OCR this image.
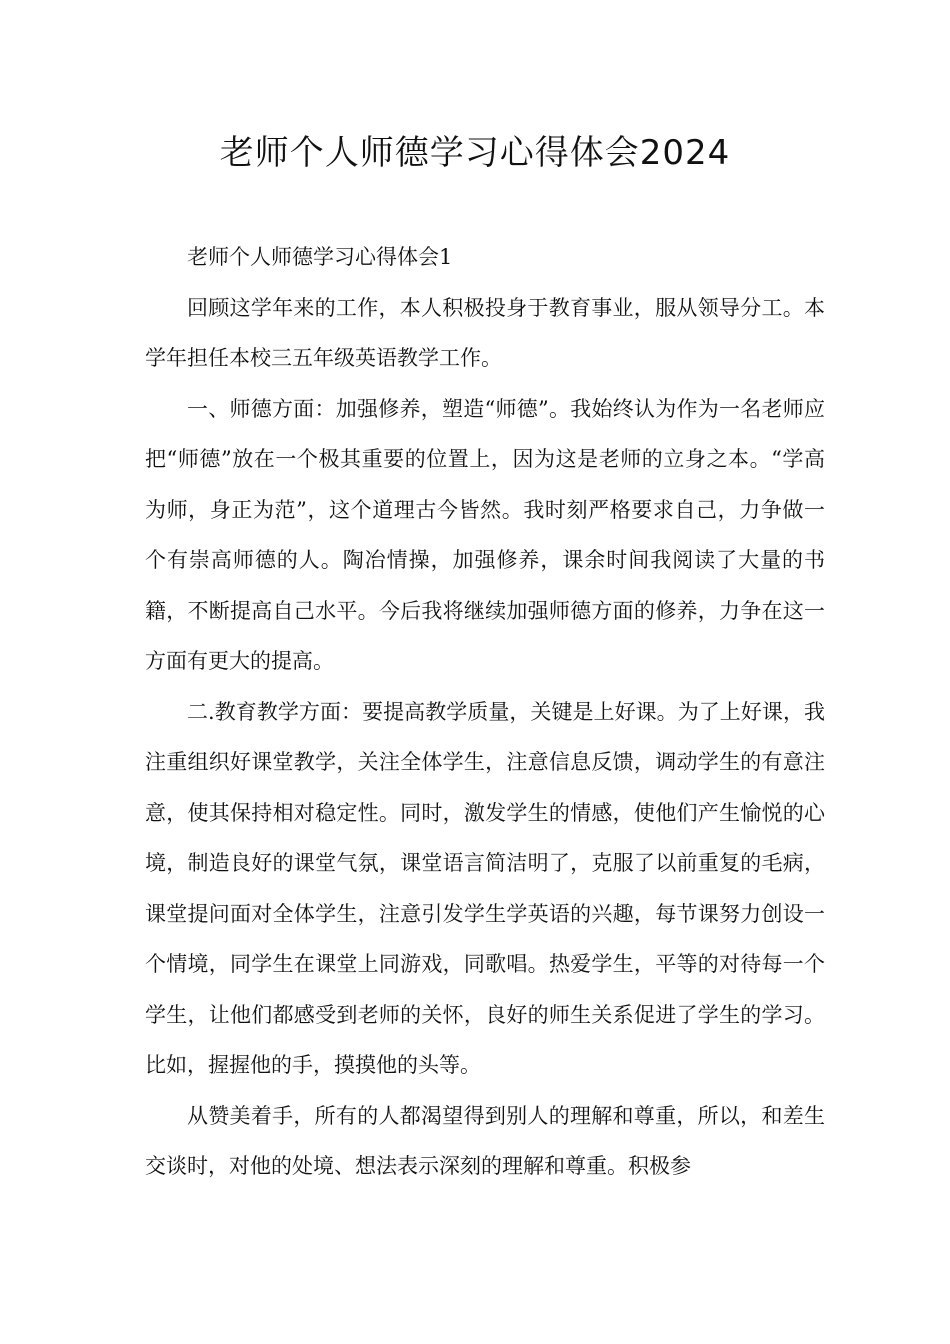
老师个人师德学习心得体会2024

老师个人师德学习心得体会1

回顾这学年来的工作，本人积极投身于教育事业，服从领导分工。本学年担任本校三五年级英语教学工作。

一、师德方面：加强修养，塑造“师德”。我始终认为作为一名老师应把“师德”放在一个极其重要的位置上，因为这是老师的立身之本。“学高为师，身正为范”，这个道理古今皆然。我时刻严格要求自己，力争做一个有崇高师德的人。陶冶情操，加强修养，课余时间我阅读了大量的书籍，不断提高自己水平。今后我将继续加强师德方面的修养，力争在这一方面有更大的提高。

二.教育教学方面：要提高教学质量，关键是上好课。为了上好课，我注重组织好课堂教学，关注全体学生，注意信息反馈，调动学生的有意注意，使其保持相对稳定性。同时，激发学生的情感，使他们产生愉悦的心境，制造良好的课堂气氛，课堂语言简洁明了，克服了以前重复的毛病，课堂提问面对全体学生，注意引发学生学英语的兴趣，每节课努力创设一个情境，同学生在课堂上同游戏，同歌唱。热爱学生，平等的对待每一个学生，让他们都感受到老师的关怀，良好的师生关系促进了学生的学习。比如，握握他的手，摸摸他的头等。

从赞美着手，所有的人都渴望得到别人的理解和尊重，所以，和差生交谈时，对他的处境、想法表示深刻的理解和尊重。积极参
